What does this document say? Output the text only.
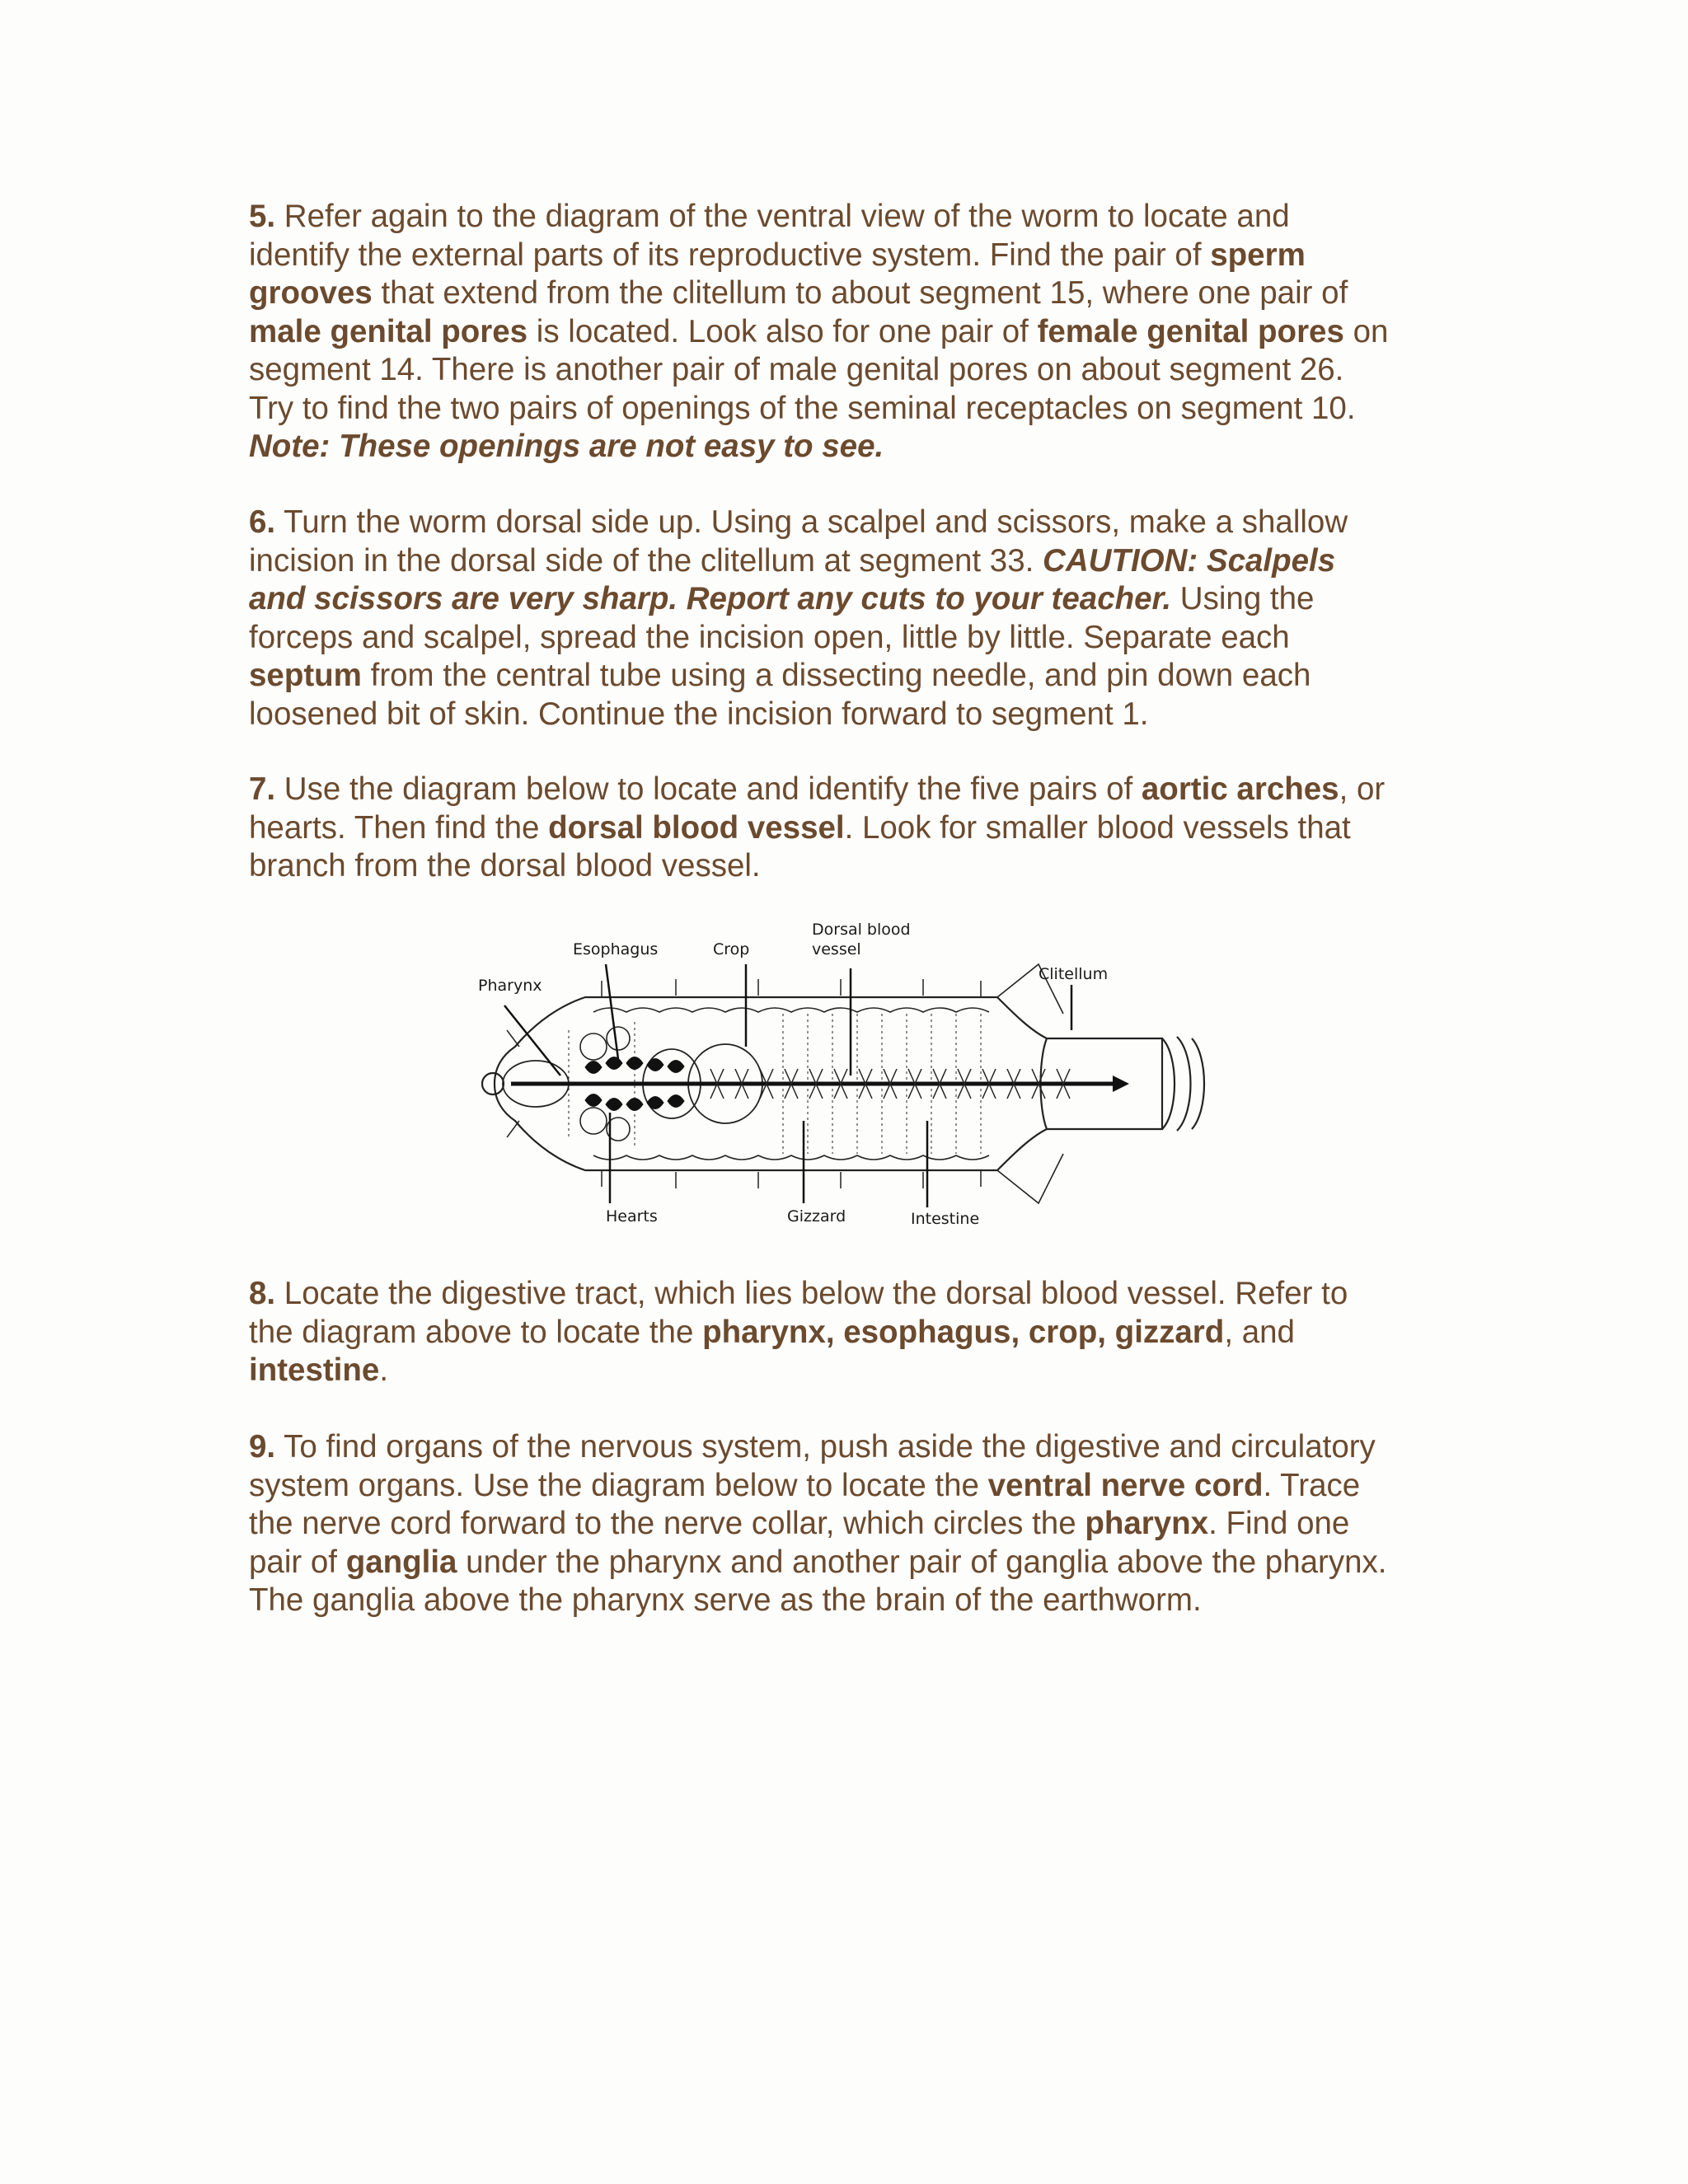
5. Refer again to the diagram of the ventral view of the worm to locate and
identify the external parts of its reproductive system. Find the pair of sperm
grooves that extend from the clitellum to about segment 15, where one pair of
male genital pores is located. Look also for one pair of female genital pores on
segment 14. There is another pair of male genital pores on about segment 26.
Try to find the two pairs of openings of the seminal receptacles on segment 10.
Note: These openings are not easy to see.

6. Turn the worm dorsal side up. Using a scalpel and scissors, make a shallow
incision in the dorsal side of the clitellum at segment 33. CAUTION: Scalpels
and scissors are very sharp. Report any cuts to your teacher. Using the
forceps and scalpel, spread the incision open, little by little. Separate each
septum from the central tube using a dissecting needle, and pin down each
loosened bit of skin. Continue the incision forward to segment 1.

7. Use the diagram below to locate and identify the five pairs of aortic arches, or
hearts. Then find the dorsal blood vessel. Look for smaller blood vessels that
branch from the dorsal blood vessel.

Esophagus	Crop
Dorsal blood
vessel
Pharynx
Clitellum
Hearts	Gizzard	Intestine

8. Locate the digestive tract, which lies below the dorsal blood vessel. Refer to
the diagram above to locate the pharynx, esophagus, crop, gizzard, and
intestine.

9. To find organs of the nervous system, push aside the digestive and circulatory
system organs. Use the diagram below to locate the ventral nerve cord. Trace
the nerve cord forward to the nerve collar, which circles the pharynx. Find one
pair of ganglia under the pharynx and another pair of ganglia above the pharynx.
The ganglia above the pharynx serve as the brain of the earthworm.
